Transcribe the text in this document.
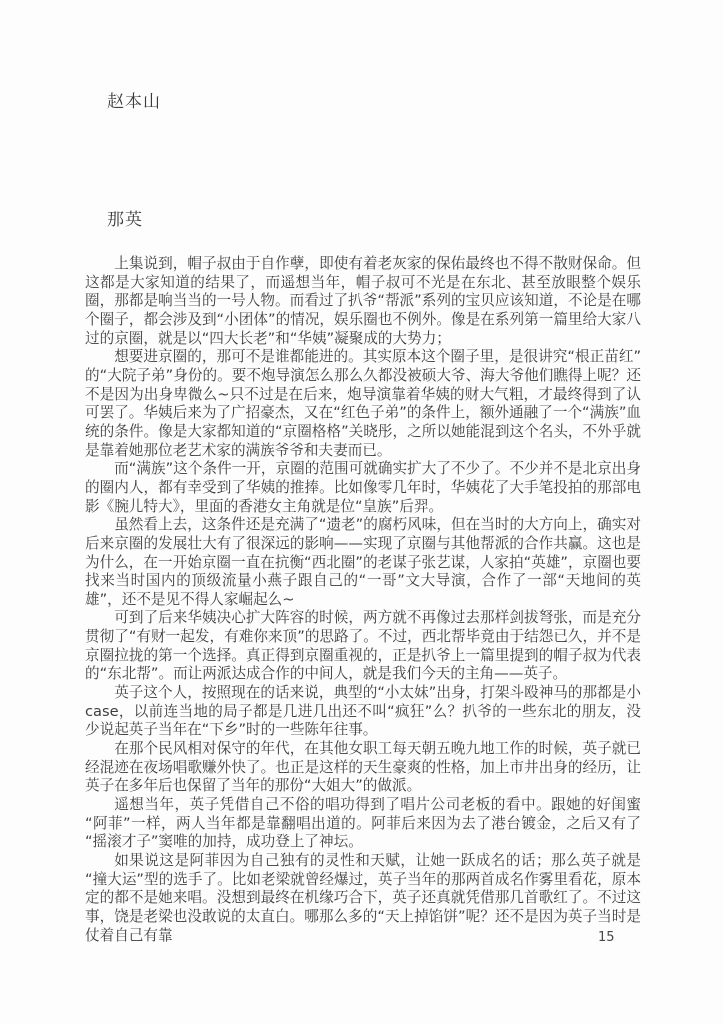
赵本山
那英

上集说到，帽子叔由于自作孽，即使有着老灰家的保佑最终也不得不散财保命。但这都是大家知道的结果了，而遥想当年，帽子叔可不光是在东北、甚至放眼整个娱乐圈，那都是响当当的一号人物。而看过了扒爷“帮派”系列的宝贝应该知道，不论是在哪个圈子，都会涉及到“小团体”的情况，娱乐圈也不例外。像是在系列第一篇里给大家八过的京圈，就是以“四大长老”和“华姨”凝聚成的大势力；

想要进京圈的，那可不是谁都能进的。其实原本这个圈子里，是很讲究“根正苗红”的“大院子弟”身份的。要不炮导演怎么那么久都没被硕大爷、海大爷他们瞧得上呢？还不是因为出身卑微么~只不过是在后来，炮导演靠着华姨的财大气粗，才最终得到了认可罢了。华姨后来为了广招豪杰，又在“红色子弟”的条件上，额外通融了一个“满族”血统的条件。像是大家都知道的“京圈格格”关晓彤，之所以她能混到这个名头，不外乎就是靠着她那位老艺术家的满族爷爷和夫妻而已。

而“满族”这个条件一开，京圈的范围可就确实扩大了不少了。不少并不是北京出身的圈内人，都有幸受到了华姨的推捧。比如像零几年时，华姨花了大手笔投拍的那部电影《腕儿特大》，里面的香港女主角就是位“皇族”后羿。

虽然看上去，这条件还是充满了“遗老”的腐朽风味，但在当时的大方向上，确实对后来京圈的发展壮大有了很深远的影响——实现了京圈与其他帮派的合作共赢。这也是为什么，在一开始京圈一直在抗衡“西北圈”的老谋子张艺谋，人家拍“英雄”，京圈也要找来当时国内的顶级流量小燕子跟自己的“一哥”文大导演，合作了一部“天地间的英雄”，还不是见不得人家崛起么~

可到了后来华姨决心扩大阵容的时候，两方就不再像过去那样剑拔弩张，而是充分贯彻了“有财一起发，有难你来顶”的思路了。不过，西北帮毕竟由于结怨已久，并不是京圈拉拢的第一个选择。真正得到京圈重视的，正是扒爷上一篇里提到的帽子叔为代表的“东北帮”。而让两派达成合作的中间人，就是我们今天的主角——英子。

英子这个人，按照现在的话来说，典型的“小太妹”出身，打架斗殴神马的那都是小case，以前连当地的局子都是几进几出还不叫“疯狂”么？扒爷的一些东北的朋友，没少说起英子当年在“下乡”时的一些陈年往事。

在那个民风相对保守的年代，在其他女职工每天朝五晚九地工作的时候，英子就已经混迹在夜场唱歌赚外快了。也正是这样的天生豪爽的性格，加上市井出身的经历，让英子在多年后也保留了当年的那份“大姐大”的做派。

遥想当年，英子凭借自己不俗的唱功得到了唱片公司老板的看中。跟她的好闺蜜“阿菲”一样，两人当年都是靠翻唱出道的。阿菲后来因为去了港台镀金，之后又有了“摇滚才子”窦唯的加持，成功登上了神坛。

如果说这是阿菲因为自己独有的灵性和天赋，让她一跃成名的话；那么英子就是“撞大运”型的选手了。比如老梁就曾经爆过，英子当年的那两首成名作雾里看花，原本定的都不是她来唱。没想到最终在机缘巧合下，英子还真就凭借那几首歌红了。不过这事，饶是老梁也没敢说的太直白。哪那么多的“天上掉馅饼”呢？还不是因为英子当时是仗着自己有靠	15
